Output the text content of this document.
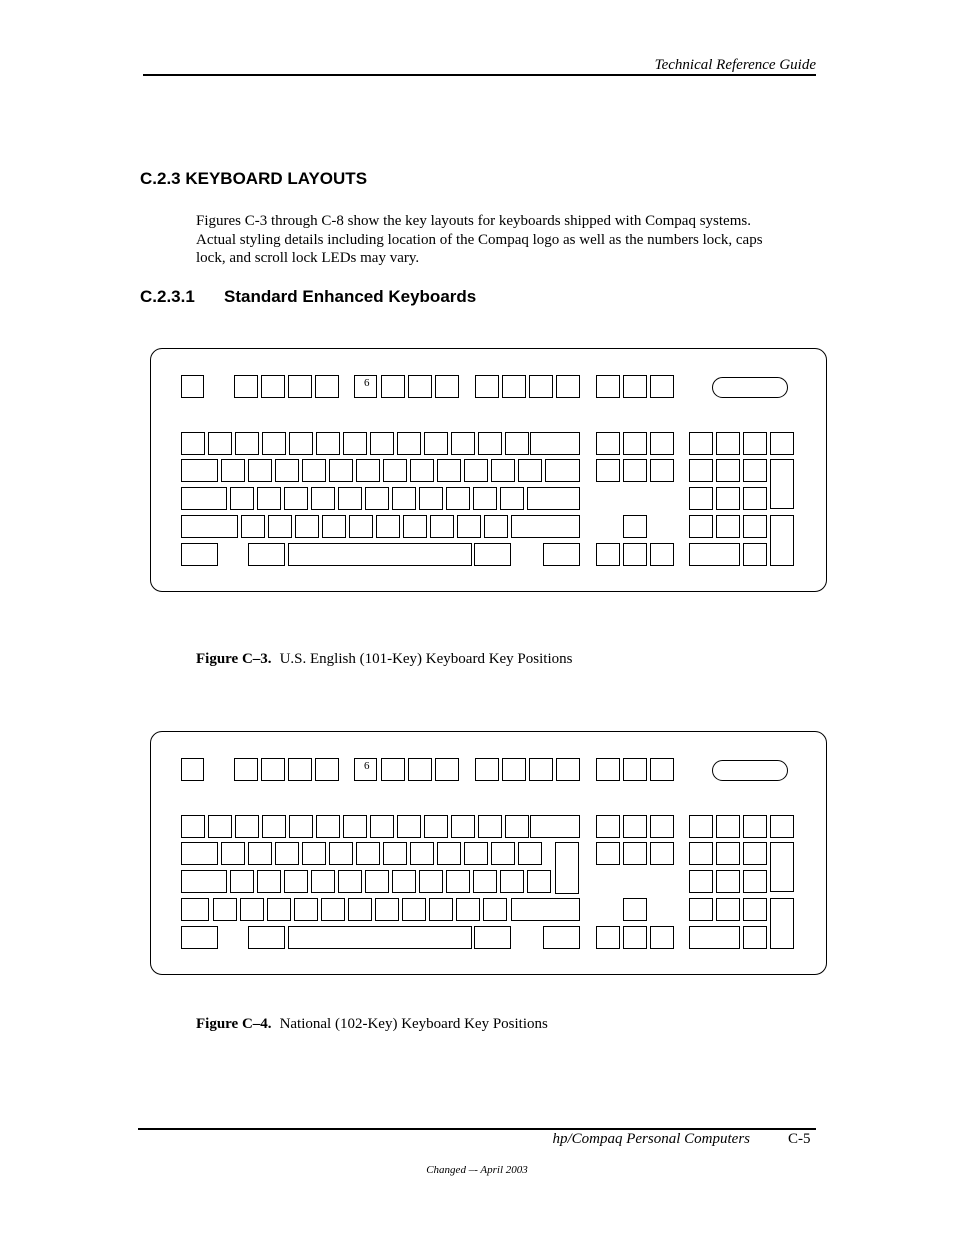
Technical Reference Guide
C.2.3 KEYBOARD LAYOUTS
Figures C-3 through C-8 show the key layouts for keyboards shipped with Compaq systems.
Actual styling details including location of the Compaq logo as well as the numbers lock, caps
lock, and scroll lock LEDs may vary.
C.2.3.1 Standard Enhanced Keyboards
6
Figure C–3. U.S. English (101-Key) Keyboard Key Positions
6
Figure C–4. National (102-Key) Keyboard Key Positions
hp/Compaq Personal Computers	C-5
Changed –- April 2003
